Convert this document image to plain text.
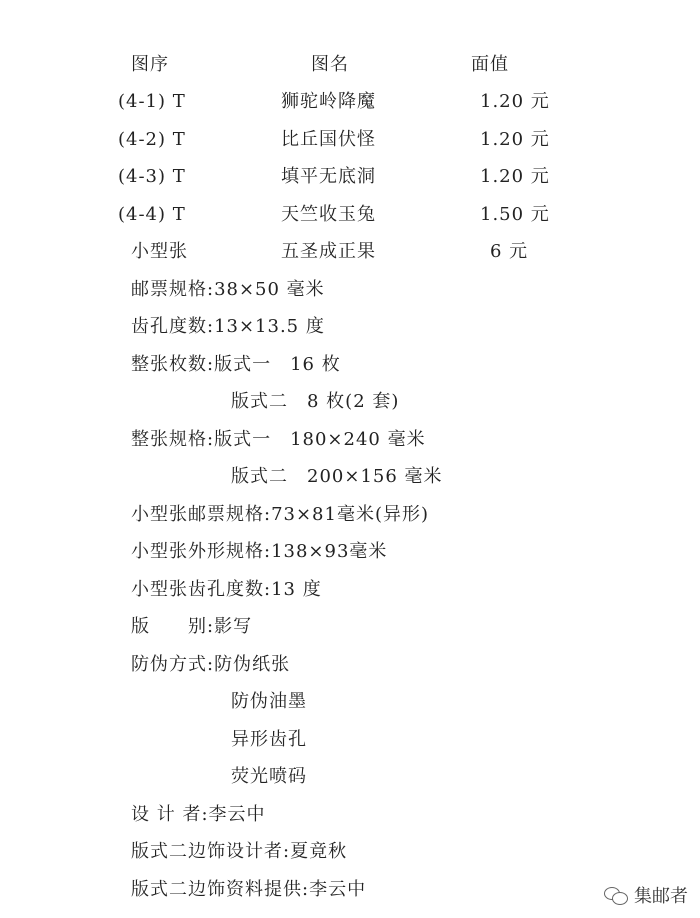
图序	图名	面值
(4-1) T	狮驼岭降魔	1.20 元
(4-2) T	比丘国伏怪	1.20 元
(4-3) T	填平无底洞	1.20 元
(4-4) T	天竺收玉兔	1.50 元
小型张	五圣成正果	6 元
邮票规格:38×50 毫米
齿孔度数:13×13.5 度
整张枚数:版式一　16 枚
版式二　8 枚(2 套)
整张规格:版式一　180×240 毫米
版式二　200×156 毫米
小型张邮票规格:73×81毫米(异形)
小型张外形规格:138×93毫米
小型张齿孔度数:13 度
版　　别:影写
防伪方式:防伪纸张
防伪油墨
异形齿孔
荧光喷码
设 计 者:李云中
版式二边饰设计者:夏竟秋
版式二边饰资料提供:李云中	集邮者
